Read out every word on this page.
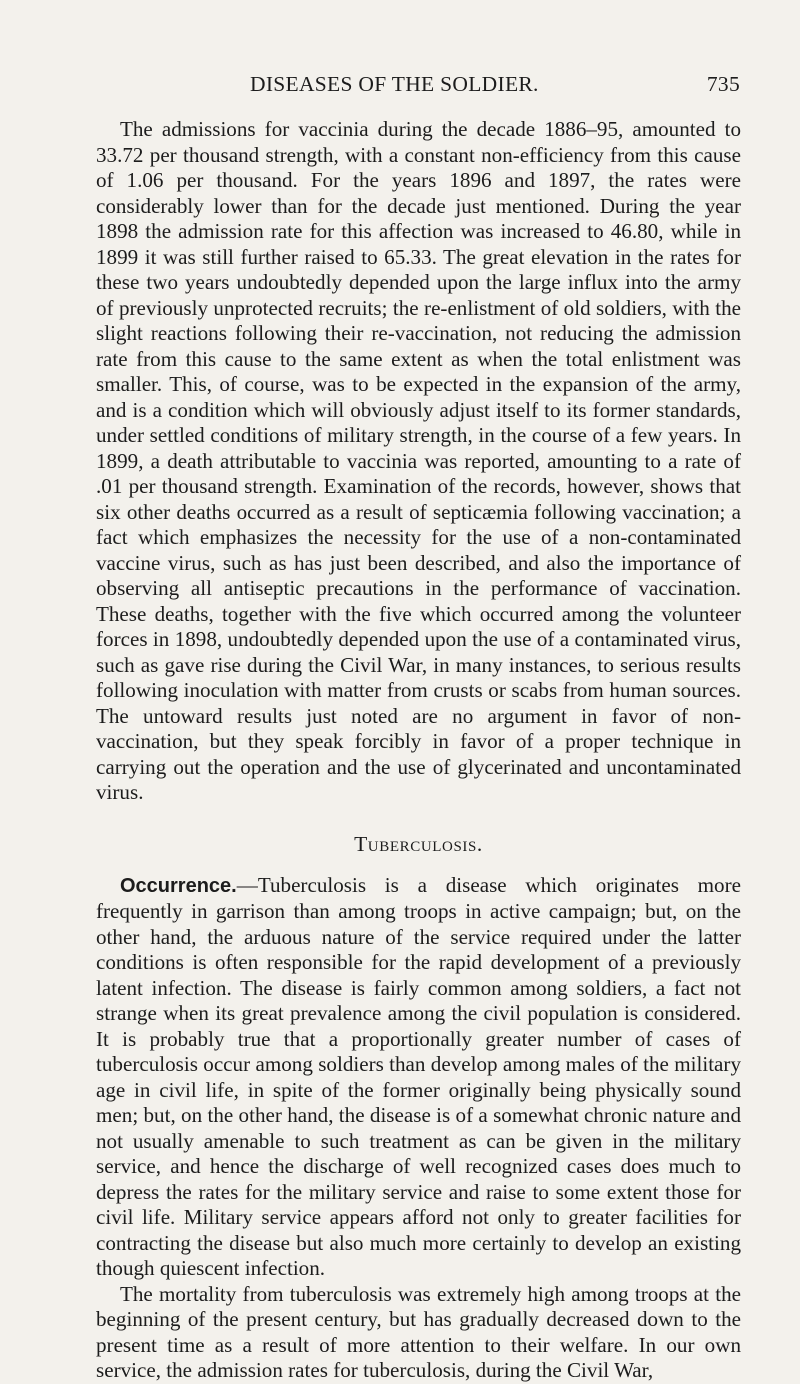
DISEASES OF THE SOLDIER.	735

The admissions for vaccinia during the decade 1886–95, amounted to 33.72 per thousand strength, with a constant non-efficiency from this cause of 1.06 per thousand. For the years 1896 and 1897, the rates were considerably lower than for the decade just mentioned. During the year 1898 the admission rate for this affection was increased to 46.80, while in 1899 it was still further raised to 65.33. The great elevation in the rates for these two years undoubtedly depended upon the large influx into the army of previously unprotected recruits; the re-enlistment of old soldiers, with the slight reactions following their re-vaccination, not reducing the admission rate from this cause to the same extent as when the total enlistment was smaller. This, of course, was to be expected in the expansion of the army, and is a condition which will obviously adjust itself to its former standards, under settled conditions of military strength, in the course of a few years. In 1899, a death attributable to vaccinia was reported, amounting to a rate of .01 per thousand strength. Examination of the records, however, shows that six other deaths occurred as a result of septicæmia following vaccination; a fact which emphasizes the necessity for the use of a non-contaminated vaccine virus, such as has just been described, and also the importance of observing all antiseptic precautions in the performance of vaccination. These deaths, together with the five which occurred among the volunteer forces in 1898, undoubtedly depended upon the use of a contaminated virus, such as gave rise during the Civil War, in many instances, to serious results following inoculation with matter from crusts or scabs from human sources. The untoward results just noted are no argument in favor of non-vaccination, but they speak forcibly in favor of a proper technique in carrying out the operation and the use of glycerinated and uncontaminated virus.

Tuberculosis.

Occurrence.—Tuberculosis is a disease which originates more frequently in garrison than among troops in active campaign; but, on the other hand, the arduous nature of the service required under the latter conditions is often responsible for the rapid development of a previously latent infection. The disease is fairly common among soldiers, a fact not strange when its great prevalence among the civil population is considered. It is probably true that a proportionally greater number of cases of tuberculosis occur among soldiers than develop among males of the military age in civil life, in spite of the former originally being physically sound men; but, on the other hand, the disease is of a somewhat chronic nature and not usually amenable to such treatment as can be given in the military service, and hence the discharge of well recognized cases does much to depress the rates for the military service and raise to some extent those for civil life. Military service appears afford not only to greater facilities for contracting the disease but also much more certainly to develop an existing though quiescent infection.

The mortality from tuberculosis was extremely high among troops at the beginning of the present century, but has gradually decreased down to the present time as a result of more attention to their welfare. In our own service, the admission rates for tuberculosis, during the Civil War,
